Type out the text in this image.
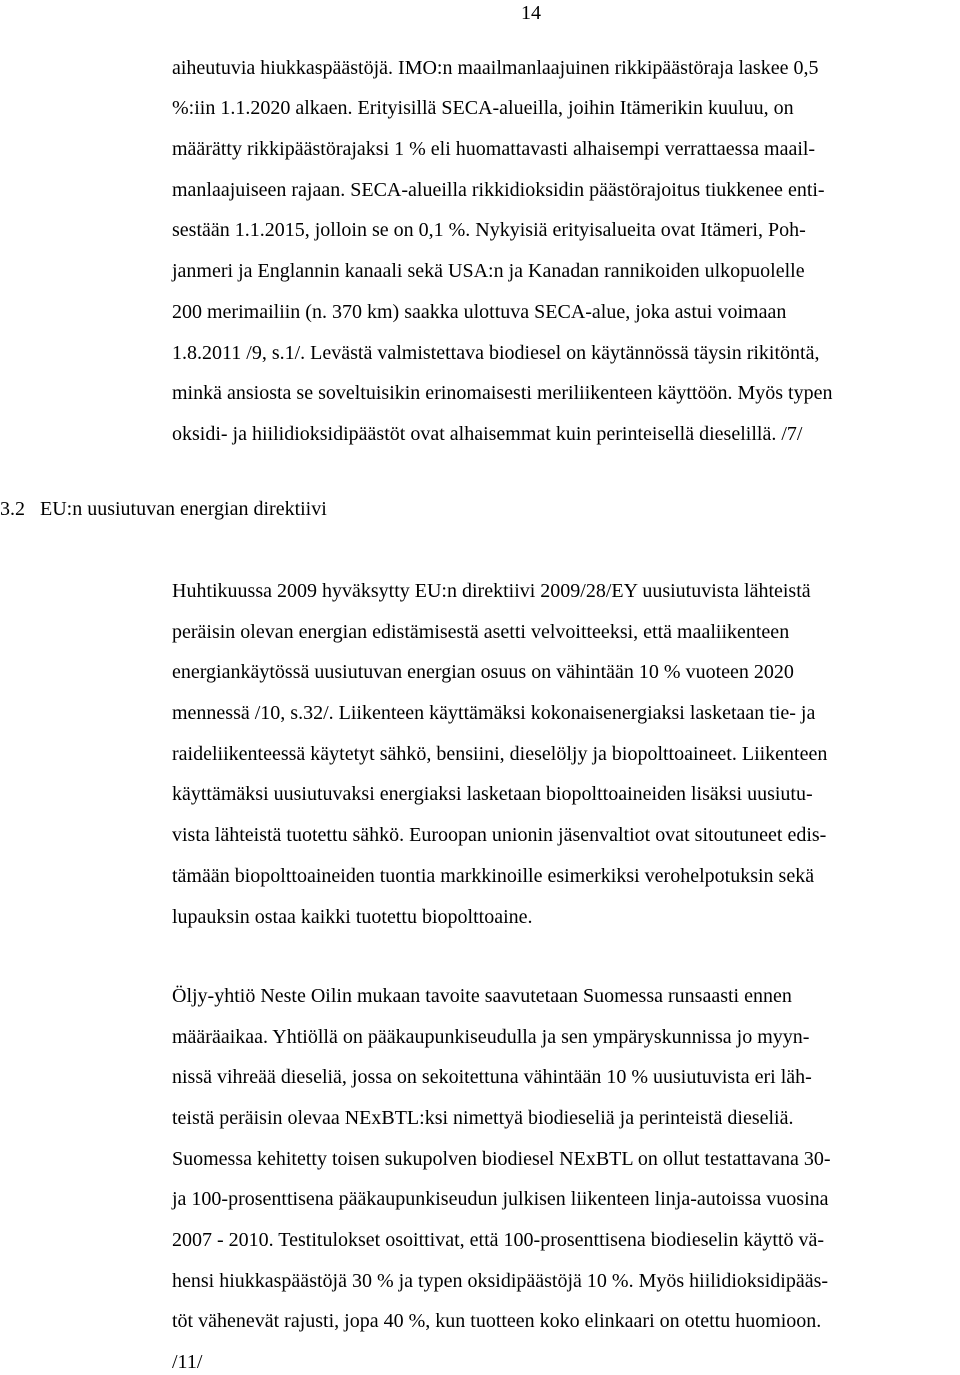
14
aiheutuvia hiukkaspäästöjä. IMO:n maailmanlaajuinen rikkipäästöraja laskee 0,5
%:iin 1.1.2020 alkaen. Erityisillä SECA-alueilla, joihin Itämerikin kuuluu, on
määrätty rikkipäästörajaksi 1 % eli huomattavasti alhaisempi verrattaessa maail-
manlaajuiseen rajaan. SECA-alueilla rikkidioksidin päästörajoitus tiukkenee enti-
sestään 1.1.2015, jolloin se on 0,1 %. Nykyisiä erityisalueita ovat Itämeri, Poh-
janmeri ja Englannin kanaali sekä USA:n ja Kanadan rannikoiden ulkopuolelle
200 merimailiin (n. 370 km) saakka ulottuva SECA-alue, joka astui voimaan
1.8.2011 /9, s.1/. Levästä valmistettava biodiesel on käytännössä täysin rikitöntä,
minkä ansiosta se soveltuisikin erinomaisesti meriliikenteen käyttöön. Myös typen
oksidi- ja hiilidioksidipäästöt ovat alhaisemmat kuin perinteisellä dieselillä. /7/
3.2 EU:n uusiutuvan energian direktiivi
Huhtikuussa 2009 hyväksytty EU:n direktiivi 2009/28/EY uusiutuvista lähteistä
peräisin olevan energian edistämisestä asetti velvoitteeksi, että maaliikenteen
energiankäytössä uusiutuvan energian osuus on vähintään 10 % vuoteen 2020
mennessä /10, s.32/. Liikenteen käyttämäksi kokonaisenergiaksi lasketaan tie- ja
raideliikenteessä käytetyt sähkö, bensiini, dieselöljy ja biopolttoaineet. Liikenteen
käyttämäksi uusiutuvaksi energiaksi lasketaan biopolttoaineiden lisäksi uusiutu-
vista lähteistä tuotettu sähkö. Euroopan unionin jäsenvaltiot ovat sitoutuneet edis-
tämään biopolttoaineiden tuontia markkinoille esimerkiksi verohelpotuksin sekä
lupauksin ostaa kaikki tuotettu biopolttoaine.
Öljy-yhtiö Neste Oilin mukaan tavoite saavutetaan Suomessa runsaasti ennen
määräaikaa. Yhtiöllä on pääkaupunkiseudulla ja sen ympäryskunnissa jo myyn-
nissä vihreää dieseliä, jossa on sekoitettuna vähintään 10 % uusiutuvista eri läh-
teistä peräisin olevaa NExBTL:ksi nimettyä biodieseliä ja perinteistä dieseliä.
Suomessa kehitetty toisen sukupolven biodiesel NExBTL on ollut testattavana 30-
ja 100-prosenttisena pääkaupunkiseudun julkisen liikenteen linja-autoissa vuosina
2007 - 2010. Testitulokset osoittivat, että 100-prosenttisena biodieselin käyttö vä-
hensi hiukkaspäästöjä 30 % ja typen oksidipäästöjä 10 %. Myös hiilidioksidipääs-
töt vähenevät rajusti, jopa 40 %, kun tuotteen koko elinkaari on otettu huomioon.
/11/
